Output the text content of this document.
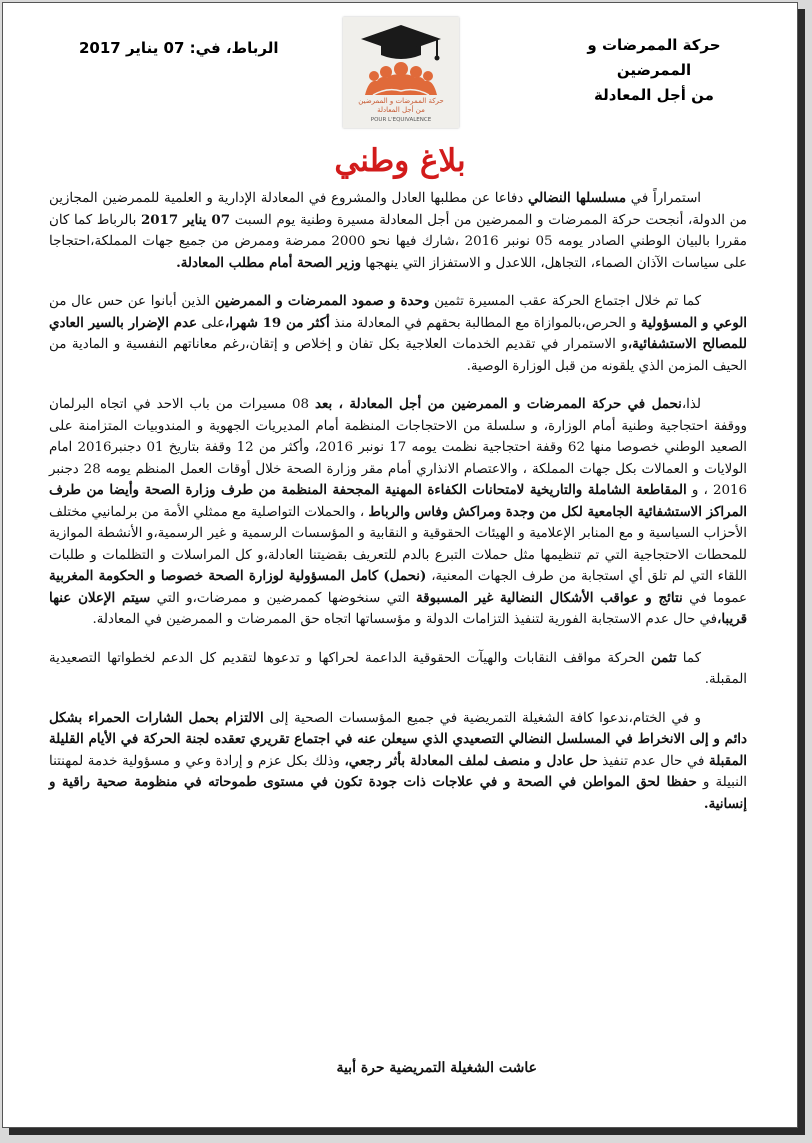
حركة الممرضات و الممرضين
من أجل المعادلة
حركة الممرضات و الممرضين
من أجل المعادلة
POUR L'EQUIVALENCE
الرباط، في: 07 يناير 2017
بلاغ وطني

استمراراً في مسلسلها النضالي دفاعا عن مطلبها العادل والمشروع في المعادلة الإدارية و العلمية للممرضين المجازين من الدولة، أنجحت حركة الممرضات و الممرضين من أجل المعادلة مسيرة وطنية يوم السبت 07 يناير 2017 بالرباط كما كان مقررا بالبيان الوطني الصادر يومه 05 نونبر 2016 ،شارك فيها نحو 2000 ممرضة وممرض من جميع جهات المملكة،احتجاجا على سياسات الآذان الصماء، التجاهل، اللاعدل و الاستفزاز التي ينهجها وزير الصحة أمام مطلب المعادلة.

كما تم خلال اجتماع الحركة عقب المسيرة تثمين وحدة و صمود الممرضات و الممرضين الذين أبانوا عن حس عال من الوعي و المسؤولية و الحرص،بالموازاة مع المطالبة بحقهم في المعادلة منذ أكثر من 19 شهرا،على عدم الإضرار بالسير العادي للمصالح الاستشفائية،و الاستمرار في تقديم الخدمات العلاجية بكل تفان و إخلاص و إتقان،رغم معاناتهم النفسية و المادية من الحيف المزمن الذي يلقونه من قبل الوزارة الوصية.

لذا،نحمل في حركة الممرضات و الممرضين من أجل المعادلة ، بعد 08 مسيرات من باب الاحد في اتجاه البرلمان ووقفة احتجاجية وطنية أمام الوزارة، و سلسلة من الاحتجاجات المنظمة أمام المديريات الجهوية و المندوبيات المتزامنة على الصعيد الوطني خصوصا منها 62 وقفة احتجاجية نظمت يومه 17 نونبر 2016، وأكثر من 12 وقفة بتاريخ 01 دجنبر2016 امام الولايات و العمالات بكل جهات المملكة ، والاعتصام الانذاري أمام مقر وزارة الصحة خلال أوقات العمل المنظم يومه 28 دجنبر 2016 ، و المقاطعة الشاملة والتاريخية لامتحانات الكفاءة المهنية المجحفة المنظمة من طرف وزارة الصحة وأيضا من طرف المراكز الاستشفائية الجامعية لكل من وجدة ومراكش وفاس والرباط ، والحملات التواصلية مع ممثلي الأمة من برلمانيي مختلف الأحزاب السياسية و مع المنابر الإعلامية و الهيئات الحقوقية و النقابية و المؤسسات الرسمية و غير الرسمية،و الأنشطة الموازية للمحطات الاحتجاجية التي تم تنظيمها مثل حملات التبرع بالدم للتعريف بقضيتنا العادلة،و كل المراسلات و التظلمات و طلبات اللقاء التي لم تلق أي استجابة من طرف الجهات المعنية، (نحمل) كامل المسؤولية لوزارة الصحة خصوصا و الحكومة المغربية عموما في نتائج و عواقب الأشكال النضالية غير المسبوقة التي سنخوضها كممرضين و ممرضات،و التي سيتم الإعلان عنها قريبا،في حال عدم الاستجابة الفورية لتنفيذ التزامات الدولة و مؤسساتها اتجاه حق الممرضات و الممرضين في المعادلة.

كما تثمن الحركة مواقف النقابات والهيآت الحقوقية الداعمة لحراكها و تدعوها لتقديم كل الدعم لخطواتها التصعيدية المقبلة.

و في الختام،ندعوا كافة الشغيلة التمريضية في جميع المؤسسات الصحية إلى الالتزام بحمل الشارات الحمراء بشكل دائم و إلى الانخراط في المسلسل النضالي التصعيدي الذي سيعلن عنه في اجتماع تقريري تعقده لجنة الحركة في الأيام القليلة المقبلة في حال عدم تنفيذ حل عادل و منصف لملف المعادلة بأثر رجعي، وذلك بكل عزم و إرادة وعي و مسؤولية خدمة لمهنتنا النبيلة و حفظا لحق المواطن في الصحة و في علاجات ذات جودة تكون في مستوى طموحاته في منظومة صحية راقية و إنسانية.

عاشت الشغيلة التمريضية حرة أبية
